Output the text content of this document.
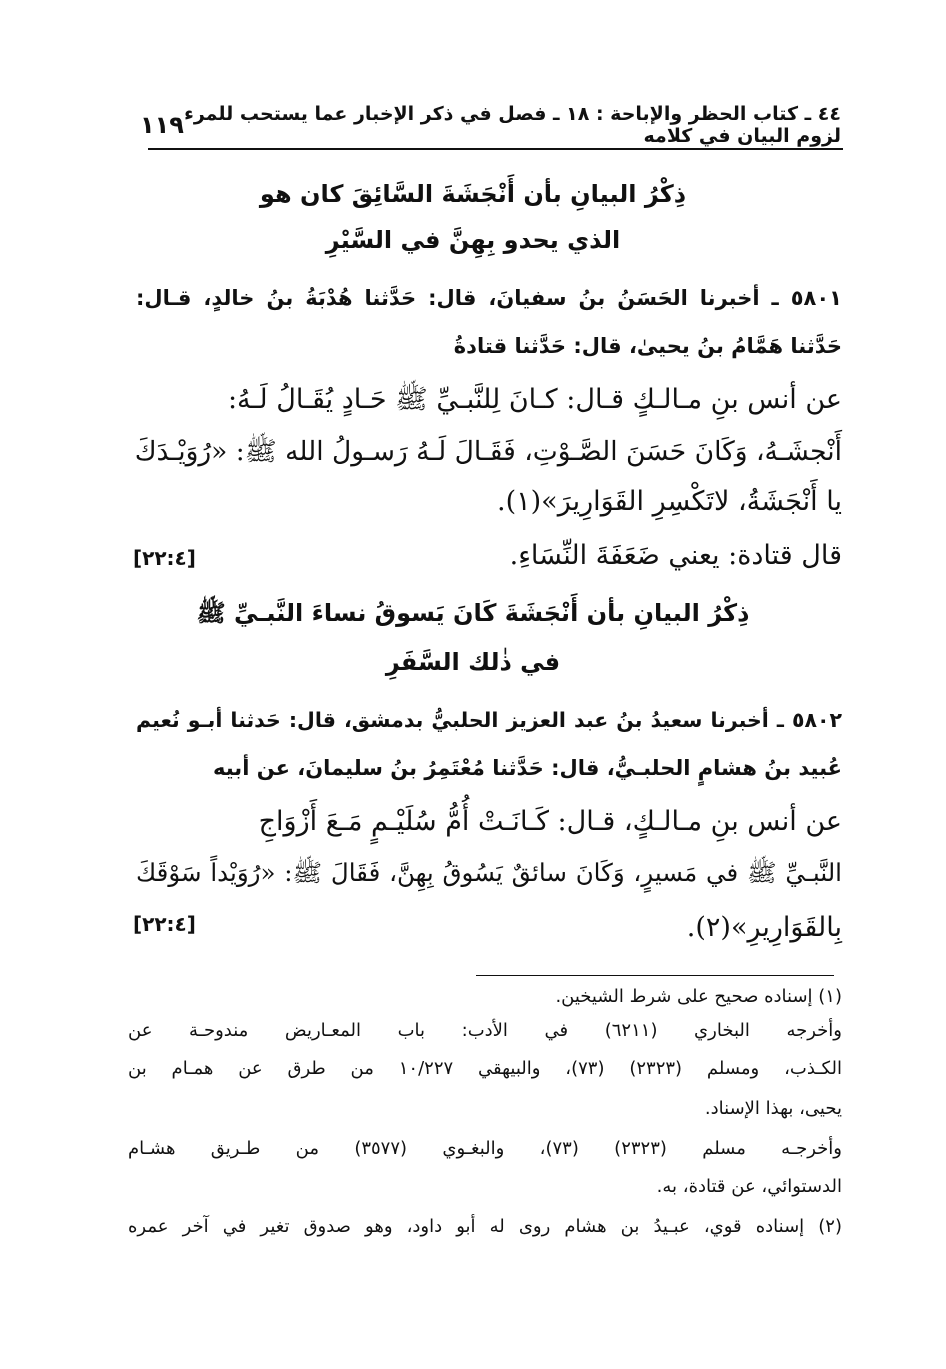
١١٩ ٤٤ ـ كتاب الحظر والإباحة : ١٨ ـ فصل في ذكر الإخبار عما يستحب للمرء لزوم البيان في كلامه
ذِكْرُ البيانِ بأن أَنْجَشَةَ السَّائِقَ كان هو
الذي يحدو بِهِنَّ في السَّيْرِ
٥٨٠١ ـ أخبرنا الحَسَنُ بنُ سفيانَ، قال: حَدَّثنا هُدْبَةُ بنُ خالدٍ، قـال:
حَدَّثنا هَمَّامُ بنُ يحيىٰ، قال: حَدَّثنا قتادةُ
عن أنس بنِ مـالـكٍ قـال: كـانَ لِلنَّبـيِّ ﷺ حَـادٍ يُقَـالُ لَـهُ:
أَنْجشَـهُ، وَكَانَ حَسَنَ الصَّـوْتِ، فَقَـالَ لَـهُ رَسـولُ الله ﷺ: «رُوَيْـدَكَ
يا أَنْجَشَةُ، لاتَكْسِرِ القَوَارِيرَ»(١).
قال قتادة: يعني ضَعَفَةَ النِّسَاءِ.
[٢٢:٤]
ذِكْرُ البيانِ بأن أَنْجَشَةَ كَانَ يَسوقُ نساءَ النَّبـيِّ ﷺ
في ذٰلك السَّفَرِ
٥٨٠٢ ـ أخبرنا سعيدُ بنُ عبد العزيز الحلبيُّ بدمشق، قال: حَدثنا أبـو نُعيم
عُبيد بنُ هشامٍ الحلبـيُّ، قال: حَدَّثنا مُعْتَمِرُ بنُ سليمانَ، عن أبيه
عن أنس بنِ مـالـكٍ، قـال: كَـانَـتْ أُمُّ سُلَيْـمٍ مَـعَ أَزْوَاجِ
النَّبـيِّ ﷺ في مَسيرٍ، وَكَانَ سائقٌ يَسُوقُ بِهِنَّ، فَقَالَ ﷺ: «رُوَيْداً سَوْقَكَ
بِالقَوَارِيرِ»(٢).
[٢٢:٤]
(١) إسناده صحيح على شرط الشيخين.
وأخرجه البخاري (٦٢١١) في الأدب: باب المعـاريض مندوحـة عن
الكـذب، ومسلم (٢٣٢٣) (٧٣)، والبيهقي ١٠/٢٢٧ من طرق عن همـام بن
يحيى، بهذا الإسناد.
وأخرجـه مسلم (٢٣٢٣) (٧٣)، والبغـوي (٣٥٧٧) من طـريق هشـام
الدستوائي، عن قتادة، به.
(٢) إسناده قوي، عبـيدُ بن هشام روى له أبو داود، وهو صدوق تغير في آخر عمره
